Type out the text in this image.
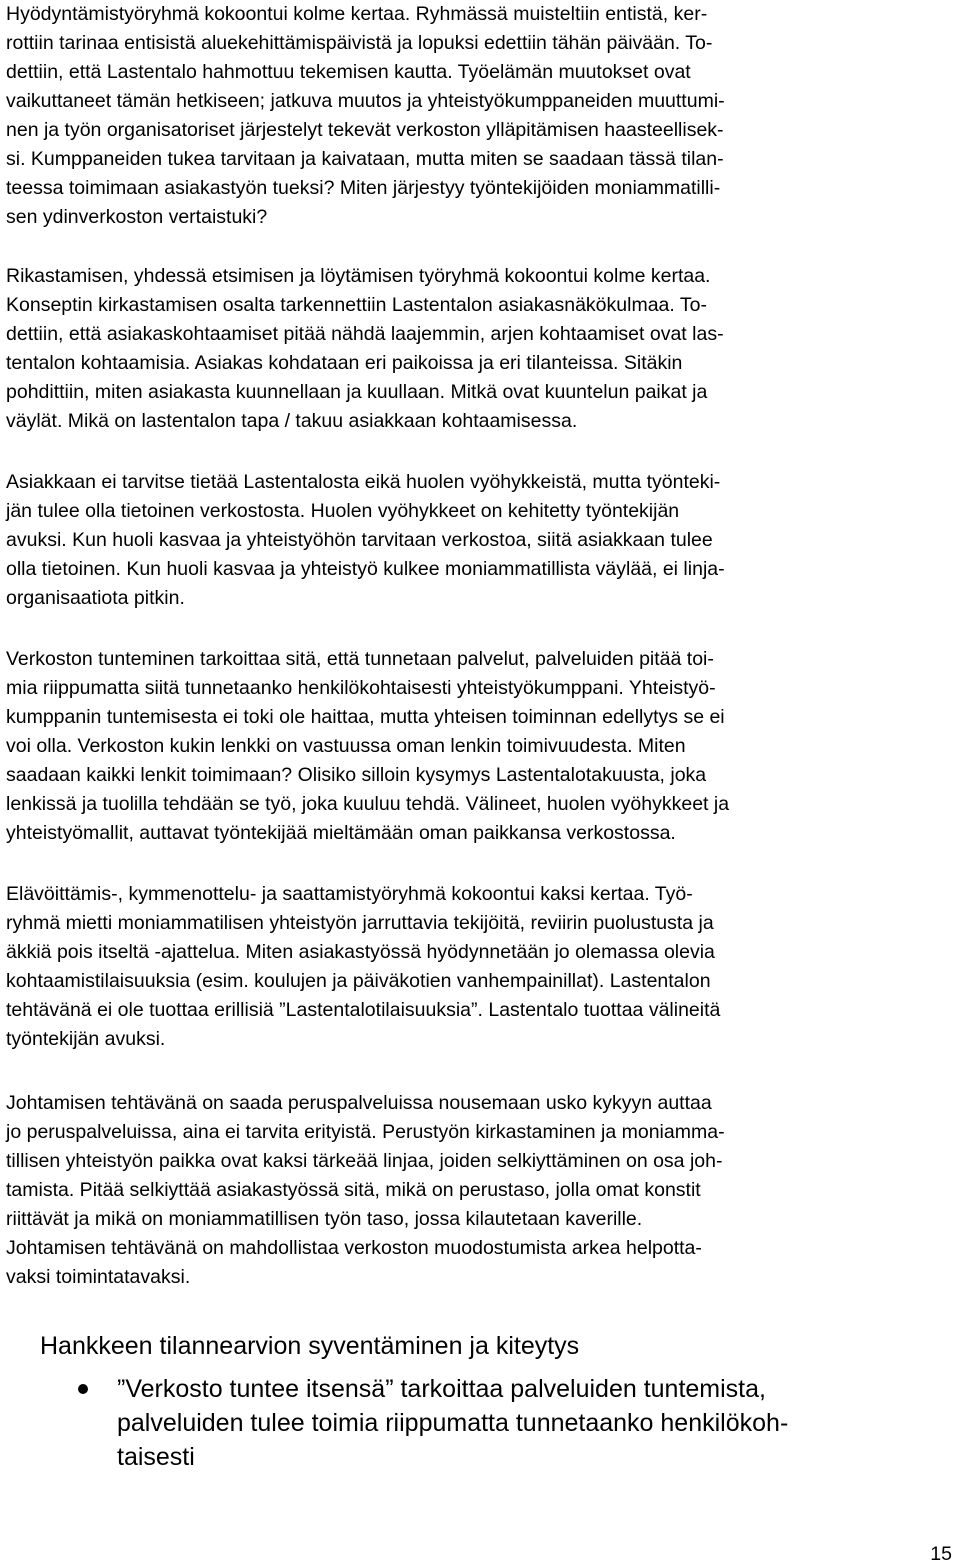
Hyödyntämistyöryhmä kokoontui kolme kertaa. Ryhmässä muisteltiin entistä, ker-
rottiin tarinaa entisistä aluekehittämispäivistä ja lopuksi edettiin tähän päivään. To-
dettiin, että Lastentalo hahmottuu tekemisen kautta. Työelämän muutokset ovat
vaikuttaneet tämän hetkiseen; jatkuva muutos ja yhteistyökumppaneiden muuttumi-
nen ja työn organisatoriset järjestelyt tekevät verkoston ylläpitämisen haasteellisek-
si. Kumppaneiden tukea tarvitaan ja kaivataan, mutta miten se saadaan tässä tilan-
teessa toimimaan asiakastyön tueksi? Miten järjestyy työntekijöiden moniammatilli-
sen ydinverkoston vertaistuki?
Rikastamisen, yhdessä etsimisen ja löytämisen työryhmä kokoontui kolme kertaa.
Konseptin kirkastamisen osalta tarkennettiin Lastentalon asiakasnäkökulmaa. To-
dettiin, että asiakaskohtaamiset pitää nähdä laajemmin, arjen kohtaamiset ovat las-
tentalon kohtaamisia. Asiakas kohdataan eri paikoissa ja eri tilanteissa. Sitäkin
pohdittiin, miten asiakasta kuunnellaan ja kuullaan. Mitkä ovat kuuntelun paikat ja
väylät. Mikä on lastentalon tapa / takuu asiakkaan kohtaamisessa.
Asiakkaan ei tarvitse tietää Lastentalosta eikä huolen vyöhykkeistä, mutta työnteki-
jän tulee olla tietoinen verkostosta. Huolen vyöhykkeet on kehitetty työntekijän
avuksi. Kun huoli kasvaa ja yhteistyöhön tarvitaan verkostoa, siitä asiakkaan tulee
olla tietoinen. Kun huoli kasvaa ja yhteistyö kulkee moniammatillista väylää, ei linja-
organisaatiota pitkin.
Verkoston tunteminen tarkoittaa sitä, että tunnetaan palvelut, palveluiden pitää toi-
mia riippumatta siitä tunnetaanko henkilökohtaisesti yhteistyökumppani. Yhteistyö-
kumppanin tuntemisesta ei toki ole haittaa, mutta yhteisen toiminnan edellytys se ei
voi olla. Verkoston kukin lenkki on vastuussa oman lenkin toimivuudesta. Miten
saadaan kaikki lenkit toimimaan? Olisiko silloin kysymys Lastentalotakuusta, joka
lenkissä ja tuolilla tehdään se työ, joka kuuluu tehdä. Välineet, huolen vyöhykkeet ja
yhteistyömallit, auttavat työntekijää mieltämään oman paikkansa verkostossa.
Elävöittämis-, kymmenottelu- ja saattamistyöryhmä kokoontui kaksi kertaa. Työ-
ryhmä mietti moniammatilisen yhteistyön jarruttavia tekijöitä, reviirin puolustusta ja
äkkiä pois itseltä -ajattelua. Miten asiakastyössä hyödynnetään jo olemassa olevia
kohtaamistilaisuuksia (esim. koulujen ja päiväkotien vanhempainillat). Lastentalon
tehtävänä ei ole tuottaa erillisiä ”Lastentalotilaisuuksia”. Lastentalo tuottaa välineitä
työntekijän avuksi.
Johtamisen tehtävänä on saada peruspalveluissa nousemaan usko kykyyn auttaa
jo peruspalveluissa, aina ei tarvita erityistä. Perustyön kirkastaminen ja moniamma-
tillisen yhteistyön paikka ovat kaksi tärkeää linjaa, joiden selkiyttäminen on osa joh-
tamista. Pitää selkiyttää asiakastyössä sitä, mikä on perustaso, jolla omat konstit
riittävät ja mikä on moniammatillisen työn taso, jossa kilautetaan kaverille.
Johtamisen tehtävänä on mahdollistaa verkoston muodostumista arkea helpotta-
vaksi toimintatavaksi.
Hankkeen tilannearvion syventäminen ja kiteytys
”Verkosto tuntee itsensä” tarkoittaa palveluiden tuntemista,
palveluiden tulee toimia riippumatta tunnetaanko henkilökoh-
taisesti
15
